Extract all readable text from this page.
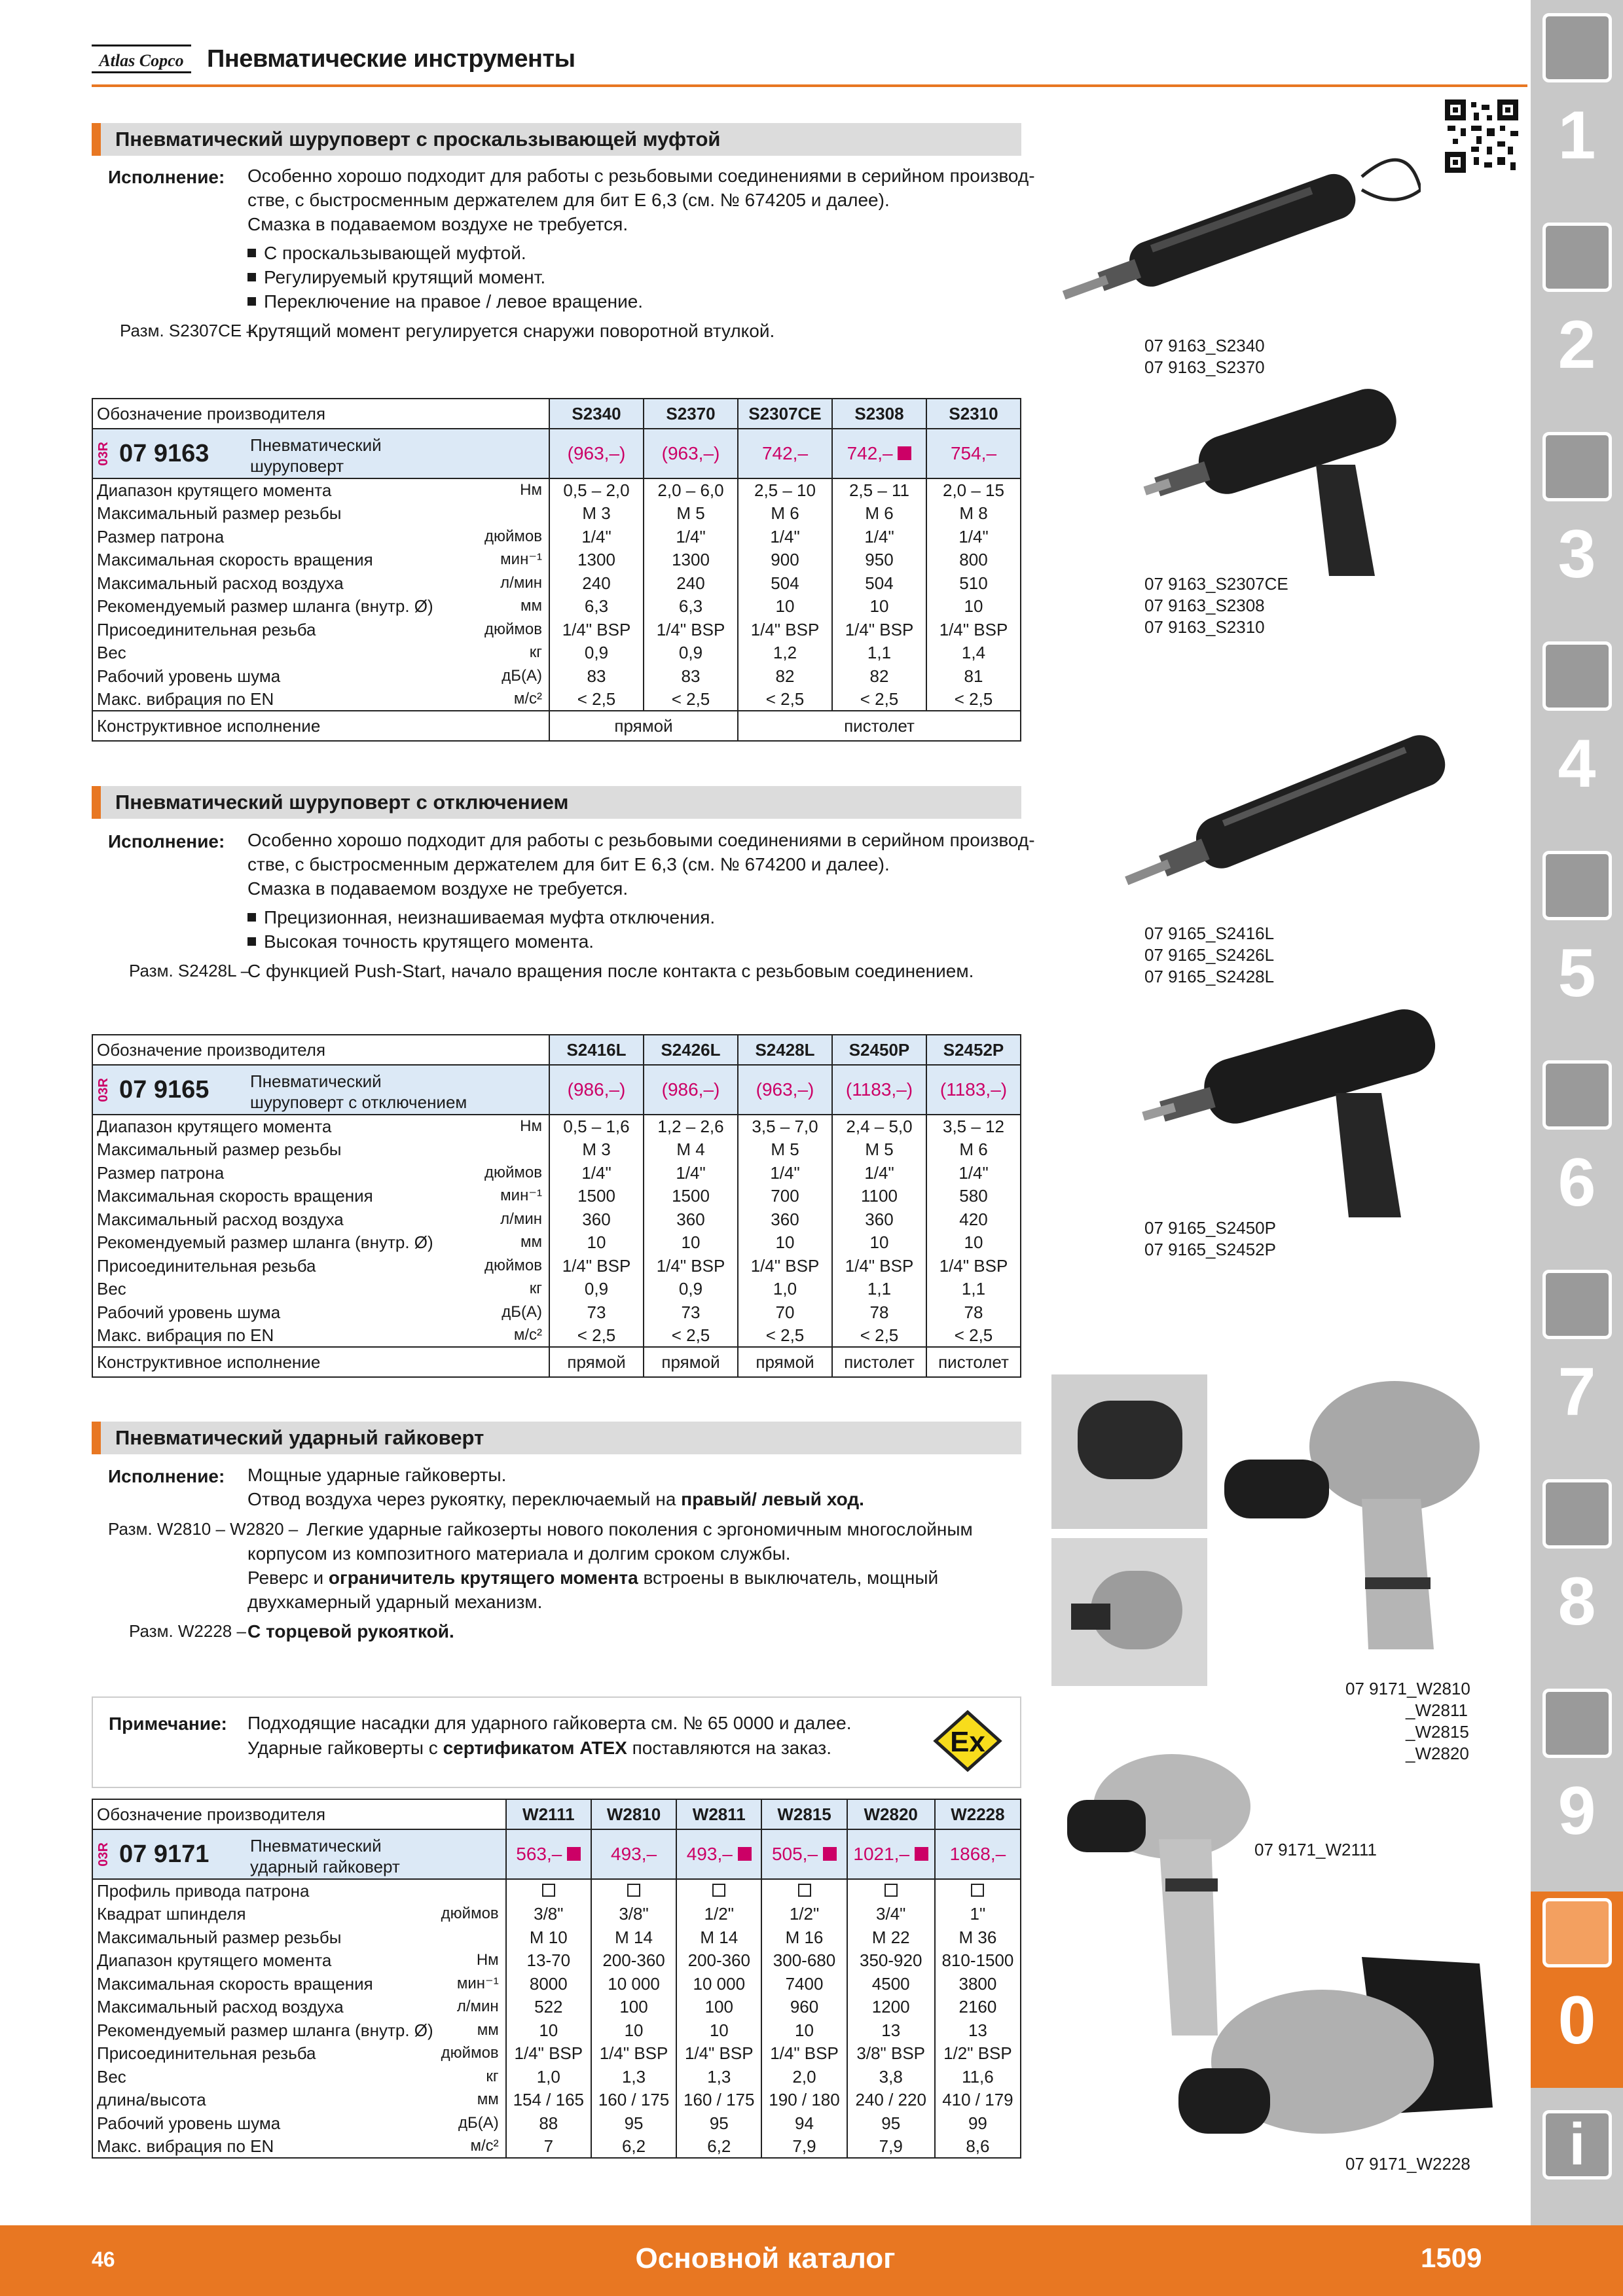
Atlas Copco Пневматические инструменты
Пневматический шуруповерт с проскальзывающей муфтой
Исполнение: Особенно хорошо подходит для работы с резьбовыми соединениями в серийном производ-
стве, с быстросменным держателем для бит E 6,3 (см. № 674205 и далее).
Смазка в подаваемом воздухе не требуется.
С проскальзывающей муфтой.
Регулируемый крутящий момент.
Переключение на правое / левое вращение.
Разм. S2307CE –
Крутящий момент регулируется снаружи поворотной втулкой.
Обозначение производителя		S2340	S2370	S2307CE	S2308	S2310

03R 07 9163 Пневматический
шуруповерт		(963,–)	(963,–)	742,–	742,–	754,–
Диапазон крутящего момента	Нм	0,5 – 2,0	2,0 – 6,0	2,5 – 10	2,5 – 11	2,0 – 15
Максимальный размер резьбы		M 3	M 5	M 6	M 6	M 8
Размер патрона	дюймов	1/4"	1/4"	1/4"	1/4"	1/4"
Максимальная скорость вращения	мин⁻¹	1300	1300	900	950	800
Максимальный расход воздуха	л/мин	240	240	504	504	510
Рекомендуемый размер шланга (внутр. Ø)	мм	6,3	6,3	10	10	10
Присоединительная резьба	дюймов	1/4" BSP	1/4" BSP	1/4" BSP	1/4" BSP	1/4" BSP
Вес	кг	0,9	0,9	1,2	1,1	1,4
Рабочий уровень шума	дБ(A)	83	83	82	82	81
Макс. вибрация по EN	м/с²	< 2,5	< 2,5	< 2,5	< 2,5	< 2,5
Конструктивное исполнение		прямой		пистолет		
Пневматический шуруповерт с отключением
Исполнение: Особенно хорошо подходит для работы с резьбовыми соединениями в серийном производ-
стве, с быстросменным держателем для бит E 6,3 (см. № 674200 и далее).
Смазка в подаваемом воздухе не требуется.
Прецизионная, неизнашиваемая муфта отключения.
Высокая точность крутящего момента.
Разм. S2428L –
С функцией Push-Start, начало вращения после контакта с резьбовым соединением.
Обозначение производителя		S2416L	S2426L	S2428L	S2450P	S2452P

03R 07 9165 Пневматический
шуруповерт с отключением		(986,–)	(986,–)	(963,–)	(1183,–)	(1183,–)
Диапазон крутящего момента	Нм	0,5 – 1,6	1,2 – 2,6	3,5 – 7,0	2,4 – 5,0	3,5 – 12
Максимальный размер резьбы		M 3	M 4	M 5	M 5	M 6
Размер патрона	дюймов	1/4"	1/4"	1/4"	1/4"	1/4"
Максимальная скорость вращения	мин⁻¹	1500	1500	700	1100	580
Максимальный расход воздуха	л/мин	360	360	360	360	420
Рекомендуемый размер шланга (внутр. Ø)	мм	10	10	10	10	10
Присоединительная резьба	дюймов	1/4" BSP	1/4" BSP	1/4" BSP	1/4" BSP	1/4" BSP
Вес	кг	0,9	0,9	1,0	1,1	1,1
Рабочий уровень шума	дБ(A)	73	73	70	78	78
Макс. вибрация по EN	м/с²	< 2,5	< 2,5	< 2,5	< 2,5	< 2,5
Конструктивное исполнение		прямой	прямой	прямой	пистолет	пистолет
Пневматический ударный гайковерт
Исполнение: Мощные ударные гайковерты.
Отвод воздуха через рукоятку, переключаемый на правый/ левый ход.
Разм. W2810 – W2820 – Легкие ударные гайкозерты нового поколения с эргономичным многослойным
корпусом из композитного материала и долгим сроком службы.
Реверс и ограничитель крутящего момента встроены в выключатель, мощный
двухкамерный ударный механизм.
Разм. W2228 – С торцевой рукояткой.
Примечание: Подходящие насадки для ударного гайковерта см. № 65 0000 и далее.
Ударные гайковерты с сертификатом ATEX поставляются на заказ.	Ex
Обозначение производителя		W2111	W2810	W2811	W2815	W2820	W2228

03R 07 9171 Пневматический
ударный гайковерт		563,–	493,–	493,–	505,–	1021,–	1868,–
Профиль привода патрона							
Квадрат шпинделя	дюймов	3/8"	3/8"	1/2"	1/2"	3/4"	1"
Максимальный размер резьбы		M 10	M 14	M 14	M 16	M 22	M 36
Диапазон крутящего момента	Нм	13-70	200-360	200-360	300-680	350-920	810-1500
Максимальная скорость вращения	мин⁻¹	8000	10 000	10 000	7400	4500	3800
Максимальный расход воздуха	л/мин	522	100	100	960	1200	2160
Рекомендуемый размер шланга (внутр. Ø)	мм	10	10	10	10	13	13
Присоединительная резьба	дюймов	1/4" BSP	1/4" BSP	1/4" BSP	1/4" BSP	3/8" BSP	1/2" BSP
Вес	кг	1,0	1,3	1,3	2,0	3,8	11,6
длина/высота	мм	154 / 165	160 / 175	160 / 175	190 / 180	240 / 220	410 / 179
Рабочий уровень шума	дБ(A)	88	95	95	94	95	99
Макс. вибрация по EN	м/с²	7	6,2	6,2	7,9	7,9	8,6
07 9163_S2340
07 9163_S2370
07 9163_S2307CE
07 9163_S2308
07 9163_S2310
07 9165_S2416L
07 9165_S2426L
07 9165_S2428L
07 9165_S2450P
07 9165_S2452P
07 9171_W2810
_W2811
_W2815
_W2820
07 9171_W2111
07 9171_W2228
1
2
3
4
5
6
7
8
9
0
i
46	Основной каталог	1509
